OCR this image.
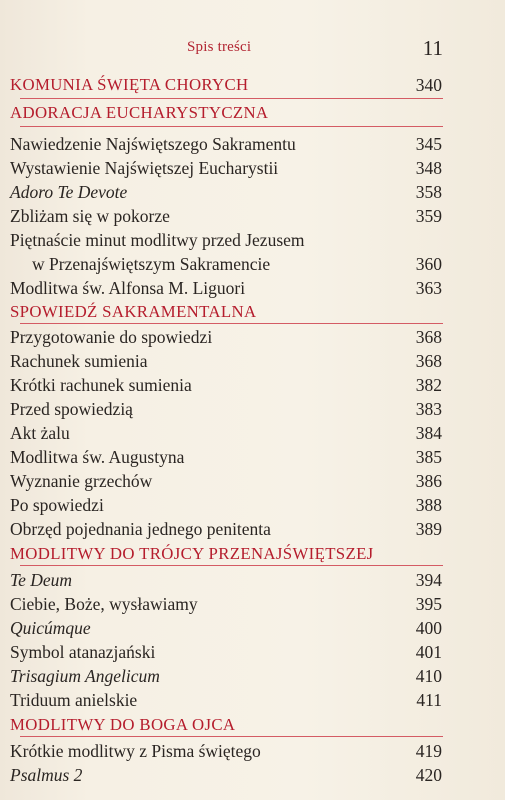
Spis treści	11
KOMUNIA ŚWIĘTA CHORYCH	340
ADORACJA EUCHARYSTYCZNA
Nawiedzenie Najświętszego Sakramentu	345
Wystawienie Najświętszej Eucharystii	348
Adoro Te Devote	358
Zbliżam się w pokorze	359
Piętnaście minut modlitwy przed Jezusem
w Przenajświętszym Sakramencie	360
Modlitwa św. Alfonsa M. Liguori	363
SPOWIEDŹ SAKRAMENTALNA
Przygotowanie do spowiedzi	368
Rachunek sumienia	368
Krótki rachunek sumienia	382
Przed spowiedzią	383
Akt żalu	384
Modlitwa św. Augustyna	385
Wyznanie grzechów	386
Po spowiedzi	388
Obrzęd pojednania jednego penitenta	389
MODLITWY DO TRÓJCY PRZENAJŚWIĘTSZEJ
Te Deum	394
Ciebie, Boże, wysławiamy	395
Quicúmque	400
Symbol atanazjański	401
Trisagium Angelicum	410
Triduum anielskie	411
MODLITWY DO BOGA OJCA
Krótkie modlitwy z Pisma świętego	419
Psalmus 2	420
